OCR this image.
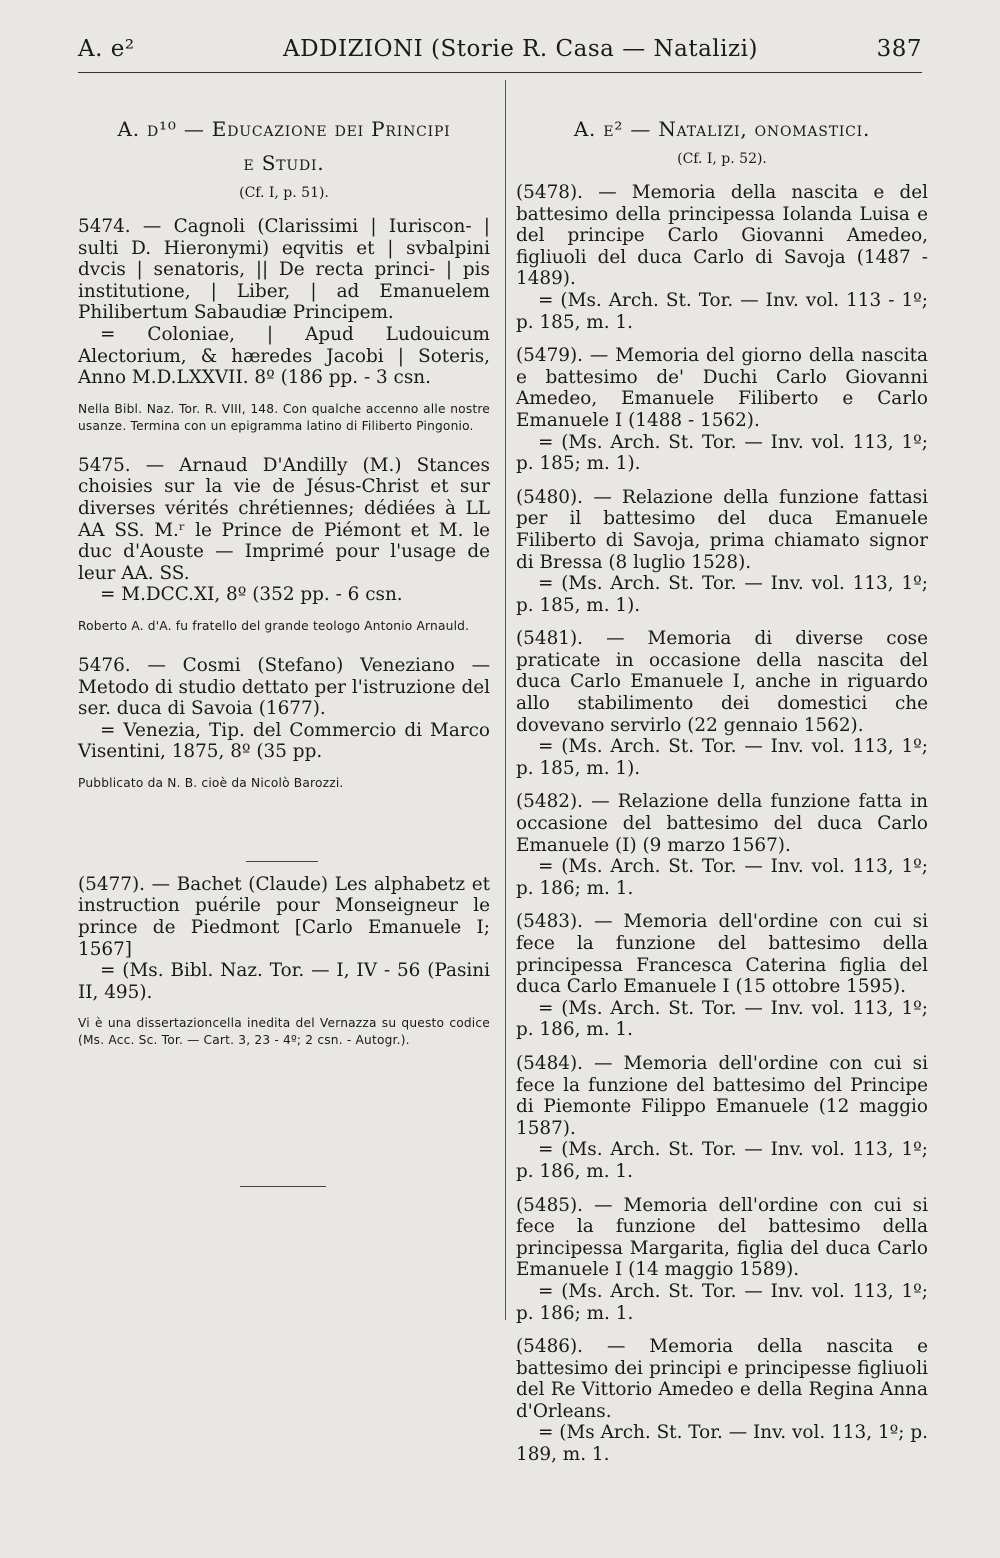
A. e²	ADDIZIONI (Storie R. Casa — Natalizi)	387
A. d¹⁰ — Educazione dei Principi
e Studi.
(Cf. I, p. 51).

5474. — Cagnoli (Clarissimi | Iuriscon- | sulti D. Hieronymi) eqvitis et | svbalpini dvcis | senatoris, || De recta princi- | pis institutione, | Liber, | ad Emanuelem Philibertum Sabaudiæ Principem.

= Coloniae, | Apud Ludouicum Alectorium, & hæredes Jacobi | Soteris, Anno M.D.LXXVII. 8º (186 pp. - 3 csn.

Nella Bibl. Naz. Tor. R. VIII, 148. Con qualche accenno alle nostre usanze. Termina con un epigramma latino di Filiberto Pingonio.

5475. — Arnaud D'Andilly (M.) Stances choisies sur la vie de Jésus-Christ et sur diverses vérités chrétiennes; dédiées à LL AA SS. M.ʳ le Prince de Piémont et M. le duc d'Aouste — Imprimé pour l'usage de leur AA. SS.

= M.DCC.XI, 8º (352 pp. - 6 csn.

Roberto A. d'A. fu fratello del grande teologo Antonio Arnauld.

5476. — Cosmi (Stefano) Veneziano — Metodo di studio dettato per l'istruzione del ser. duca di Savoia (1677).

= Venezia, Tip. del Commercio di Marco Visentini, 1875, 8º (35 pp.

Pubblicato da N. B. cioè da Nicolò Barozzi.

(5477). — Bachet (Claude) Les alphabetz et instruction puérile pour Monseigneur le prince de Piedmont [Carlo Emanuele I; 1567]

= (Ms. Bibl. Naz. Tor. — I, IV - 56 (Pasini II, 495).

Vi è una dissertazioncella inedita del Vernazza su questo codice (Ms. Acc. Sc. Tor. — Cart. 3, 23 - 4º; 2 csn. - Autogr.).

A. e² — Natalizi, onomastici.
(Cf. I, p. 52).

(5478). — Memoria della nascita e del battesimo della principessa Iolanda Luisa e del principe Carlo Giovanni Amedeo, figliuoli del duca Carlo di Savoja (1487 - 1489).

= (Ms. Arch. St. Tor. — Inv. vol. 113 - 1º; p. 185, m. 1.

(5479). — Memoria del giorno della nascita e battesimo de' Duchi Carlo Giovanni Amedeo, Emanuele Filiberto e Carlo Emanuele I (1488 - 1562).

= (Ms. Arch. St. Tor. — Inv. vol. 113, 1º; p. 185; m. 1).

(5480). — Relazione della funzione fattasi per il battesimo del duca Emanuele Filiberto di Savoja, prima chiamato signor di Bressa (8 luglio 1528).

= (Ms. Arch. St. Tor. — Inv. vol. 113, 1º; p. 185, m. 1).

(5481). — Memoria di diverse cose praticate in occasione della nascita del duca Carlo Emanuele I, anche in riguardo allo stabilimento dei domestici che dovevano servirlo (22 gennaio 1562).

= (Ms. Arch. St. Tor. — Inv. vol. 113, 1º; p. 185, m. 1).

(5482). — Relazione della funzione fatta in occasione del battesimo del duca Carlo Emanuele (I) (9 marzo 1567).

= (Ms. Arch. St. Tor. — Inv. vol. 113, 1º; p. 186; m. 1.

(5483). — Memoria dell'ordine con cui si fece la funzione del battesimo della principessa Francesca Caterina figlia del duca Carlo Emanuele I (15 ottobre 1595).

= (Ms. Arch. St. Tor. — Inv. vol. 113, 1º; p. 186, m. 1.

(5484). — Memoria dell'ordine con cui si fece la funzione del battesimo del Principe di Piemonte Filippo Emanuele (12 maggio 1587).

= (Ms. Arch. St. Tor. — Inv. vol. 113, 1º; p. 186, m. 1.

(5485). — Memoria dell'ordine con cui si fece la funzione del battesimo della principessa Margarita, figlia del duca Carlo Emanuele I (14 maggio 1589).

= (Ms. Arch. St. Tor. — Inv. vol. 113, 1º; p. 186; m. 1.

(5486). — Memoria della nascita e battesimo dei principi e principesse figliuoli del Re Vittorio Amedeo e della Regina Anna d'Orleans.

= (Ms Arch. St. Tor. — Inv. vol. 113, 1º; p. 189, m. 1.
